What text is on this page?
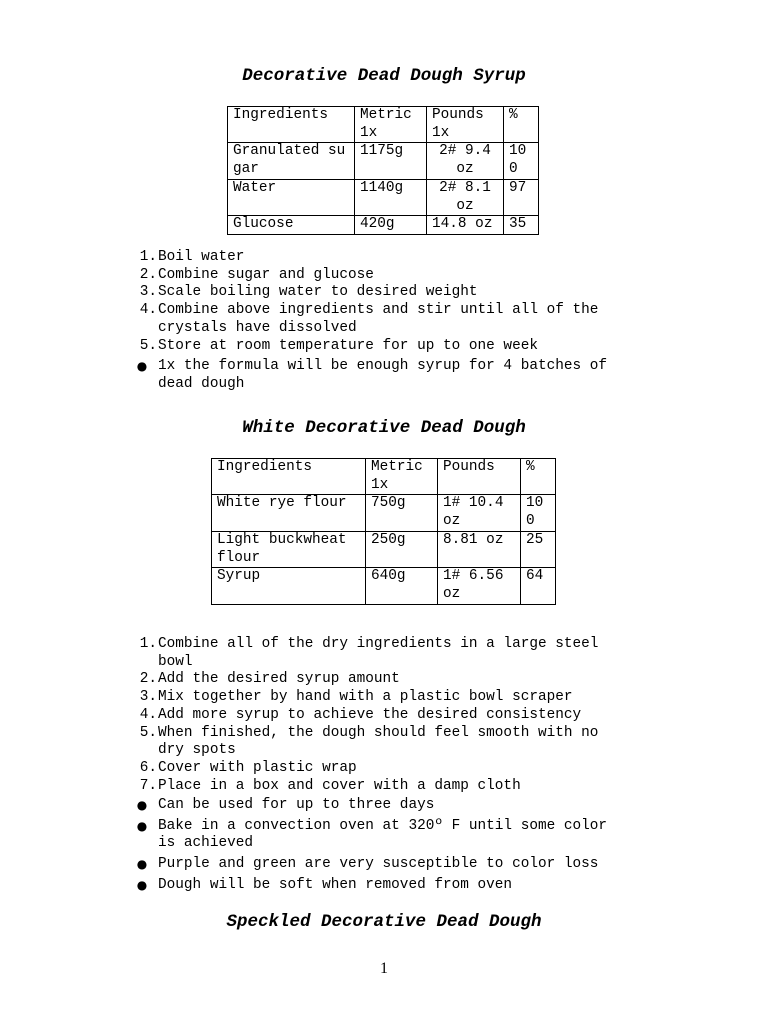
Decorative Dead Dough Syrup
Ingredients	Metric 1x	Pounds 1x	%
Granulated sugar	1175g	2# 9.4 oz	100
Water	1140g	2# 8.1 oz	97
Glucose	420g	14.8 oz	35
1 . Boil water
2 . Combine sugar and glucose
3 . Scale boiling water to desired weight
4 . Combine above ingredients and stir until all of the crystals have dissolved
5 . Store at room temperature for up to one week
● 1x the formula will be enough syrup for 4 batches of dead dough
White Decorative Dead Dough
Ingredients	Metric 1x	Pounds	%
White rye flour	750g	1# 10.4 oz	100
Light buckwheat flour	250g	8.81 oz	25
Syrup	640g	1# 6.56 oz	64
1 . Combine all of the dry ingredients in a large steel bowl
2 . Add the desired syrup amount
3 . Mix together by hand with a plastic bowl scraper
4 . Add more syrup to achieve the desired consistency
5 . When finished, the dough should feel smooth with no dry spots
6 . Cover with plastic wrap
7 . Place in a box and cover with a damp cloth
● Can be used for up to three days
● Bake in a convection oven at 320º F until some color is achieved
● Purple and green are very susceptible to color loss
● Dough will be soft when removed from oven
Speckled Decorative Dead Dough
1
